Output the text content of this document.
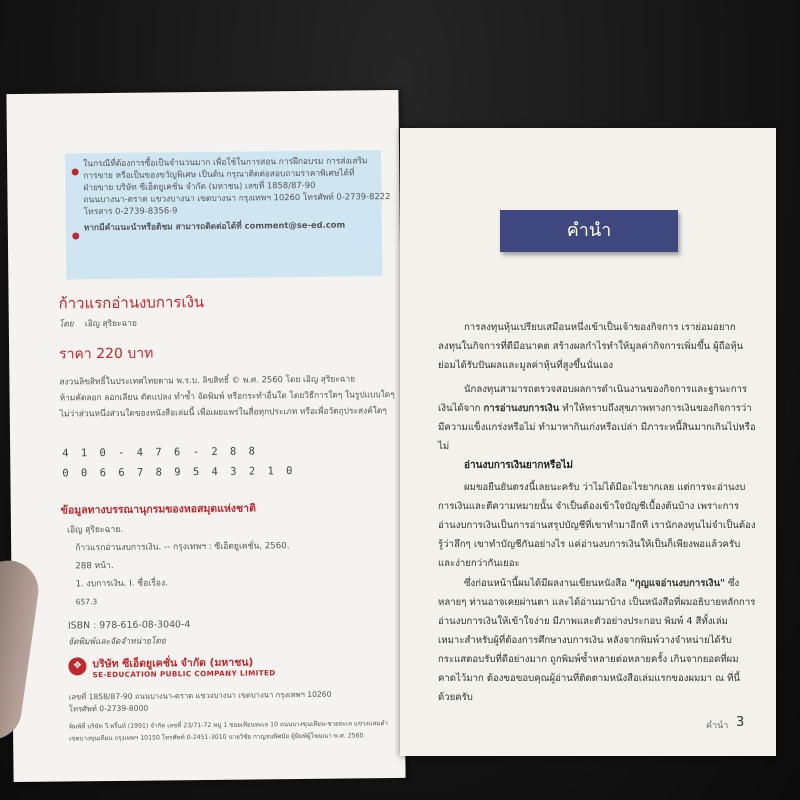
●
ในกรณีที่ต้องการซื้อเป็นจำนวนมาก เพื่อใช้ในการสอน การฝึกอบรม การส่งเสริม
การขาย หรือเป็นของขวัญพิเศษ เป็นต้น กรุณาติดต่อสอบถามราคาพิเศษได้ที่
ฝ่ายขาย บริษัท ซีเอ็ดยูเคชั่น จำกัด (มหาชน) เลขที่ 1858/87-90
ถนนบางนา-ตราด แขวงบางนา เขตบางนา กรุงเทพฯ 10260 โทรศัพท์ 0-2739-8222
โทรสาร 0-2739-8356-9
●
หากมีคำแนะนำหรือติชม สามารถติดต่อได้ที่ comment@se-ed.com
ก้าวแรกอ่านงบการเงิน
โดย เอิญ สุริยะฉาย
ราคา 220 บาท
สงวนลิขสิทธิ์ในประเทศไทยตาม พ.ร.บ. ลิขสิทธิ์ © พ.ศ. 2560 โดย เอิญ สุริยะฉาย
ห้ามคัดลอก ลอกเลียน ดัดแปลง ทำซ้ำ จัดพิมพ์ หรือกระทำอื่นใด โดยวิธีการใดๆ ในรูปแบบใดๆ
ไม่ว่าส่วนหนึ่งส่วนใดของหนังสือเล่มนี้ เพื่อเผยแพร่ในสื่อทุกประเภท หรือเพื่อวัตถุประสงค์ใดๆ
4 1 0 - 4 7 6 - 2 8 8
0 0 6 6 7 8 9 5 4 3 2 1 0
ข้อมูลทางบรรณานุกรมของหอสมุดแห่งชาติ
เอิญ สุริยะฉาย.
ก้าวแรกอ่านงบการเงิน. -- กรุงเทพฯ : ซีเอ็ดยูเคชั่น, 2560.
288 หน้า.
1. งบการเงิน. I. ชื่อเรื่อง.
657.3
ISBN : 978-616-08-3040-4
จัดพิมพ์และจัดจำหน่ายโดย
❖ บริษัท ซีเอ็ดยูเคชั่น จำกัด (มหาชน)
SE-EDUCATION PUBLIC COMPANY LIMITED
เลขที่ 1858/87-90 ถนนบางนา-ตราด แขวงบางนา เขตบางนา กรุงเทพฯ 10260
โทรศัพท์ 0-2739-8000
พิมพ์ที่ บริษัท วี.พริ้นท์ (1991) จำกัด เลขที่ 23/71-72 หมู่ 1 ซอยเทียนทะเล 10 ถนนบางขุนเทียน-ชายทะเล แขวงแสมดำ
เขตบางขุนเทียน กรุงเทพฯ 10150 โทรศัพท์ 0-2451-3010 นายวิชัย กาญจนพิศมัย ผู้พิมพ์ผู้โฆษณา พ.ศ. 2560
คำนำ
การลงทุนหุ้นเปรียบเสมือนหนึ่งเข้าเป็นเจ้าของกิจการ เราย่อมอยากลงทุนในกิจการที่ดีมีอนาคต สร้างผลกำไรทำให้มูลค่ากิจการเพิ่มขึ้น ผู้ถือหุ้นย่อมได้รับปันผลและมูลค่าหุ้นที่สูงขึ้นนั่นเอง
นักลงทุนสามารถตรวจสอบผลการดำเนินงานของกิจการและฐานะการเงินได้จาก การอ่านงบการเงิน ทำให้ทราบถึงสุขภาพทางการเงินของกิจการว่ามีความแข็งแกร่งหรือไม่ ทำมาหากินเก่งหรือเปล่า มีภาระหนี้สินมากเกินไปหรือไม่
อ่านงบการเงินยากหรือไม่
ผมขอยืนยันตรงนี้เลยนะครับ ว่าไม่ได้มีอะไรยากเลย แต่การจะอ่านงบการเงินและตีความหมายนั้น จำเป็นต้องเข้าใจบัญชีเบื้องต้นบ้าง เพราะการอ่านงบการเงินเป็นการอ่านสรุปบัญชีที่เขาทำมาอีกที เรานักลงทุนไม่จำเป็นต้องรู้ว่าลึกๆ เขาทำบัญชีกันอย่างไร แค่อ่านงบการเงินให้เป็นก็เพียงพอแล้วครับ และง่ายกว่ากันเยอะ
ซึ่งก่อนหน้านี้ผมได้มีผลงานเขียนหนังสือ "กุญแจอ่านงบการเงิน" ซึ่งหลายๆ ท่านอาจเคยผ่านตา และได้อ่านมาบ้าง เป็นหนังสือที่ผมอธิบายหลักการอ่านงบการเงินให้เข้าใจง่าย มีภาพและตัวอย่างประกอบ พิมพ์ 4 สีทั้งเล่ม เหมาะสำหรับผู้ที่ต้องการศึกษางบการเงิน หลังจากพิมพ์วางจำหน่ายได้รับกระแสตอบรับที่ดีอย่างมาก ถูกพิมพ์ซ้ำหลายต่อหลายครั้ง เกินจากยอดที่ผมคาดไว้มาก ต้องขอขอบคุณผู้อ่านที่ติดตามหนังสือเล่มแรกของผมมา ณ ที่นี้ด้วยครับ
คำนำ 3
